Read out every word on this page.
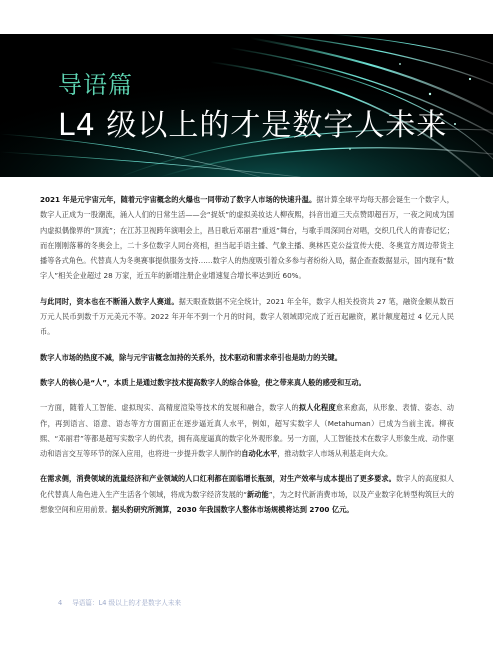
导语篇
L4 级以上的才是数字人未来

2021 年是元宇宙元年，随着元宇宙概念的火爆也一同带动了数字人市场的快速升温。据计算全球平均每天都会诞生一个数字人，数字人正成为一股潮流，涌入人们的日常生活——会“捉妖”的虚拟美妆达人柳夜熙，抖音出道三天点赞即超百万，一夜之间成为国内虚拟偶像界的“顶流”；在江苏卫视跨年演唱会上，昌日歌后邓丽君“重返”舞台，与歌手周深同台对唱，交织几代人的青春记忆；而在刚刚落幕的冬奥会上，二十多位数字人同台亮相，担当起手语主播、气象主播、奥林匹克公益宣传大使、冬奥宣方周边带货主播等各式角色。代替真人为冬奥赛事提供服务支持……数字人的热度吸引着众多参与者纷纷入局，据企查查数据显示，国内现有“数字人”相关企业超过 28 万家，近五年的新增注册企业增速复合增长率达到近 60%。

与此同时，资本也在不断涌入数字人赛道。据天眼查数据不完全统计，2021 年全年，数字人相关投资共 27 笔，融资金额从数百万元人民币到数千万元美元不等。2022 年开年不到一个月的时间，数字人领域即完成了近百起融资，累计额度超过 4 亿元人民币。

数字人市场的热度不减，除与元宇宙概念加持的关系外，技术驱动和需求牵引也是助力的关键。

数字人的核心是“人”，本质上是通过数字技术提高数字人的综合体验，使之带来真人般的感受和互动。

一方面，随着人工智能、虚拟现实、高精度渲染等技术的发展和融合，数字人的拟人化程度愈来愈高，从形象、表情、姿态、动作，再到语言、语意、语态等方方面面正在逐步逼近真人水平，例如，超写实数字人（Metahuman）已成为当前主流。柳夜熙、“邓丽君”等都是超写实数字人的代表，拥有高度逼真的数字化外观形象。另一方面，人工智能技术在数字人形象生成、动作驱动和语言交互等环节的深入应用，也将进一步提升数字人制作的自动化水平，推动数字人市场从利基走向大众。

在需求侧，消费领域的流量经济和产业领域的人口红利都在面临增长瓶颈，对生产效率与成本提出了更多要求。数字人的高度拟人化代替真人角色进入生产生活各个领域，将成为数字经济发展的“新动能”，为之时代新消费市场，以及产业数字化转型构筑巨大的想象空间和应用前景。据头豹研究所测算，2030 年我国数字人整体市场规模将达到 2700 亿元。

4 导语篇：L4 级以上的才是数字人未来
